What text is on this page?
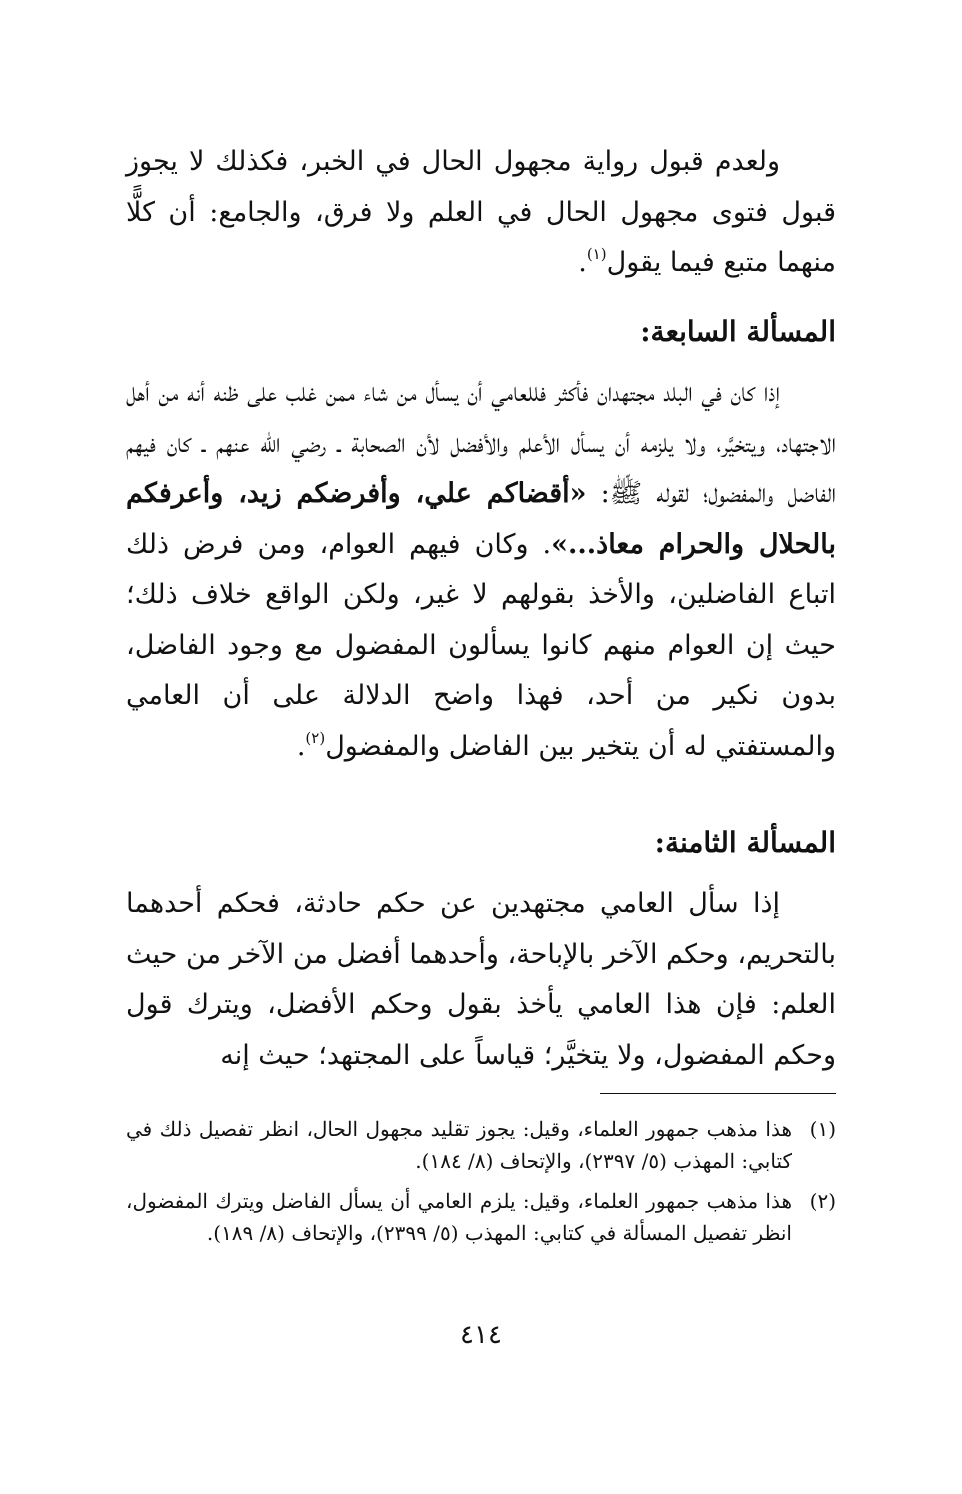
ولعدم قبول رواية مجهول الحال في الخبر، فكذلك لا يجوز قبول فتوى مجهول الحال في العلم ولا فرق، والجامع: أن كلًّا منهما متبع فيما يقول$^{(١)}$.

المسألة السابعة:

إذا كان في البلد مجتهدان فأكثر فللعامي أن يسأل من شاء ممن غلب على ظنه أنه من أهل الاجتهاد، ويتخيَّر، ولا يلزمه أن يسأل الأعلم والأفضل لأن الصحابة ـ رضي الله عنهم ـ كان فيهم الفاضل والمفضول؛ لقوله ﷺ: «أقضاكم علي، وأفرضكم زيد، وأعرفكم بالحلال والحرام معاذ...». وكان فيهم العوام، ومن فرض ذلك اتباع الفاضلين، والأخذ بقولهم لا غير، ولكن الواقع خلاف ذلك؛ حيث إن العوام منهم كانوا يسألون المفضول مع وجود الفاضل، بدون نكير من أحد، فهذا واضح الدلالة على أن العامي والمستفتي له أن يتخير بين الفاضل والمفضول$^{(٢)}$.

المسألة الثامنة:

إذا سأل العامي مجتهدين عن حكم حادثة، فحكم أحدهما بالتحريم، وحكم الآخر بالإباحة، وأحدهما أفضل من الآخر من حيث العلم: فإن هذا العامي يأخذ بقول وحكم الأفضل، ويترك قول وحكم المفضول، ولا يتخيَّر؛ قياساً على المجتهد؛ حيث إنه

(١)
هذا مذهب جمهور العلماء، وقيل: يجوز تقليد مجهول الحال، انظر تفصيل ذلك في كتابي: المهذب (٥/ ٢٣٩٧)، والإتحاف (٨/ ١٨٤).

(٢)
هذا مذهب جمهور العلماء، وقيل: يلزم العامي أن يسأل الفاضل ويترك المفضول، انظر تفصيل المسألة في كتابي: المهذب (٥/ ٢٣٩٩)، والإتحاف (٨/ ١٨٩).

٤١٤
